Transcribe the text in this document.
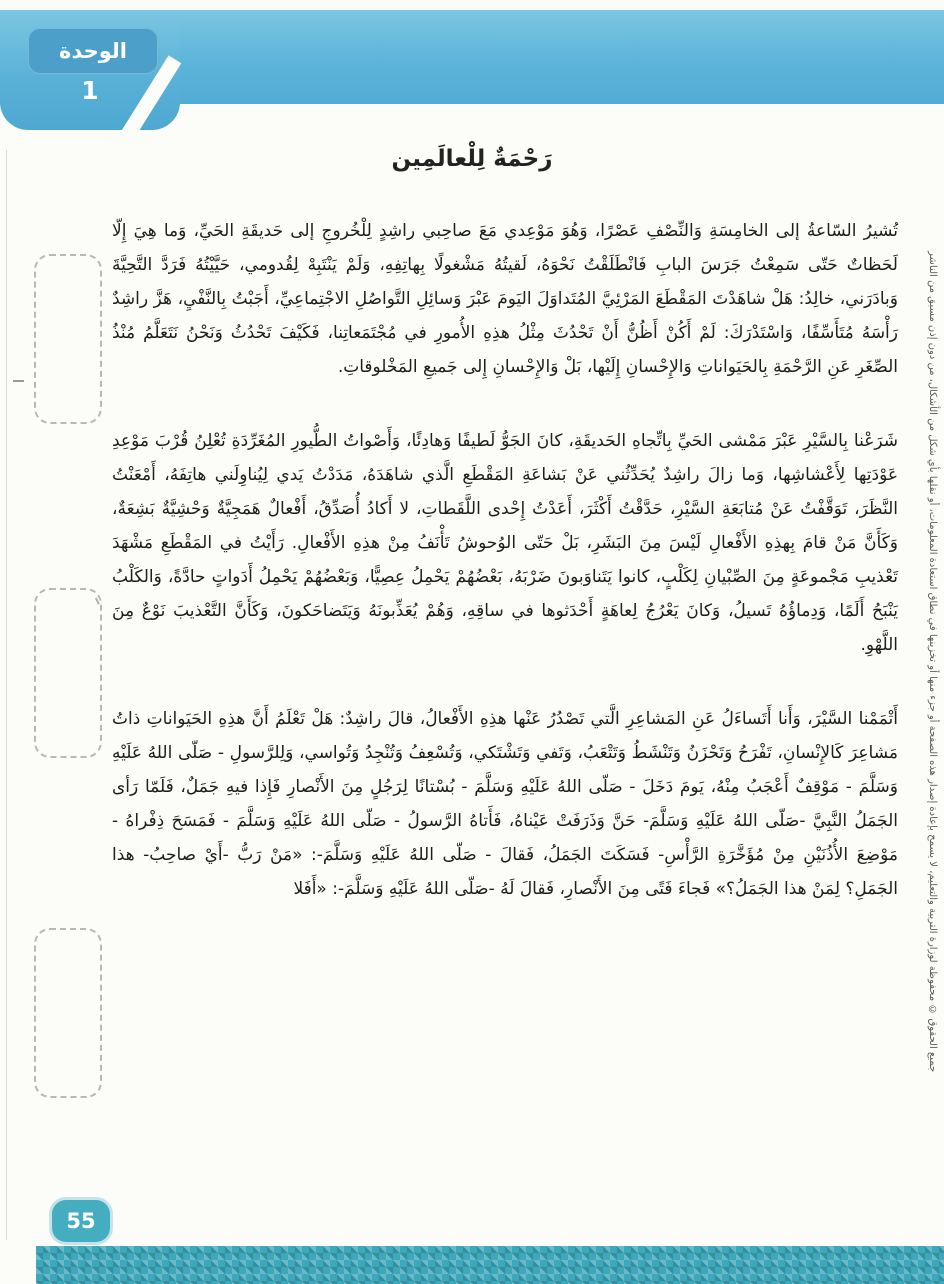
الوحدة
1
رَحْمَةٌ لِلْعالَمِين

تُشيرُ السّاعةُ إلى الخامِسَةِ وَالنِّصْفِ عَصْرًا، وَهُوَ مَوْعِدي مَعَ صاحِبي راشِدٍ لِلْخُروجِ إلى حَديقَةِ الحَيِّ، وَما هِيَ إِلّا لَحَظاتٌ حَتّى سَمِعْتُ جَرَسَ البابِ فَانْطَلَقْتُ نَحْوَهُ، لَقيتُهُ مَشْغولًا بِهاتِفِهِ، وَلَمْ يَنْتَبِهْ لِقُدومي، حَيَّيْتُهُ فَرَدَّ التَّحِيَّةَ وَبادَرَني، خالِدُ: هَلْ شاهَدْتَ المَقْطَعَ المَرْئِيَّ المُتَداوَلَ اليَومَ عَبْرَ وَسائِلِ التَّواصُلِ الاجْتِماعِيِّ، أَجَبْتُ بِالنَّفْيِ، هَزَّ راشِدٌ رَأْسَهُ مُتَأَسِّفًا، وَاسْتَدْرَكَ: لَمْ أَكُنْ أَظُنُّ أَنْ تَحْدُثَ مِثْلُ هذِهِ الأُمورِ في مُجْتَمَعاتِنا، فَكَيْفَ تَحْدُثُ وَنَحْنُ نَتَعَلَّمُ مُنْذُ الصِّغَرِ عَنِ الرَّحْمَةِ بِالحَيَواناتِ وَالإِحْسانِ إِلَيْها، بَلْ وَالإِحْسانِ إِلى جَميعِ المَخْلوقاتِ.

شَرَعْنا بِالسَّيْرِ عَبْرَ مَمْشى الحَيِّ بِاتِّجاهِ الحَديقَةِ، كانَ الجَوُّ لَطيفًا وَهادِئًا، وَأَصْواتُ الطُّيورِ المُغَرِّدَةِ تُعْلِنُ قُرْبَ مَوْعِدِ عَوْدَتِها لِأَعْشاشِها، وَما زالَ راشِدٌ يُحَدِّثُني عَنْ بَشاعَةِ المَقْطَعِ الَّذي شاهَدَهُ، مَدَدْتُ يَدي لِيُناوِلَني هاتِفَهُ، أَمْعَنْتُ النَّظَرَ، تَوَقَّفْتُ عَنْ مُتابَعَةِ السَّيْرِ، حَدَّقْتُ أَكْثَرَ، أَعَدْتُ إِحْدى اللَّقَطاتِ، لا أَكادُ أُصَدِّقُ، أَفْعالٌ هَمَجِيَّةٌ وَحْشِيَّةٌ بَشِعَةٌ، وَكَأَنَّ مَنْ قامَ بِهذِهِ الأَفْعالِ لَيْسَ مِنَ البَشَرِ، بَلْ حَتّى الوُحوشُ تَأْنَفُ مِنْ هذِهِ الأَفْعالِ. رَأَيْتُ في المَقْطَعِ مَشْهَدَ تَعْذيبِ مَجْموعَةٍ مِنَ الصِّبْيانِ لِكَلْبٍ، كانوا يَتَناوَبونَ ضَرْبَهُ، بَعْضُهُمْ يَحْمِلُ عِصِيًّا، وَبَعْضُهُمْ يَحْمِلُ أَدَواتٍ حادَّةً، وَالكَلْبُ يَنْبَحُ أَلَمًا، وَدِماؤُهُ تَسيلُ، وَكانَ يَعْرُجُ لِعاهَةٍ أَحْدَثوها في ساقِهِ، وَهُمْ يُعَذِّبونَهُ وَيَتَضاحَكونَ، وَكَأَنَّ التَّعْذيبَ نَوْعٌ مِنَ اللَّهْوِ.

أَتْمَمْنا السَّيْرَ، وَأَنا أَتَساءَلُ عَنِ المَشاعِرِ الَّتي تَصْدُرُ عَنْها هذِهِ الأَفْعالُ، قالَ راشِدٌ: هَلْ تَعْلَمُ أَنَّ هذِهِ الحَيَواناتِ ذاتُ مَشاعِرَ كَالإِنْسانِ، تَفْرَحُ وَتَحْزَنُ وَتَنْشَطُ وَتَتْعَبُ، وَتَفي وَتَشْتَكي، وَتُسْعِفُ وَتُنْجِدُ وَتُواسي، وَلِلرَّسولِ - صَلّى اللهُ عَلَيْهِ وَسَلَّمَ - مَوْقِفٌ أَعْجَبُ مِنْهُ، يَومَ دَخَلَ - صَلّى اللهُ عَلَيْهِ وَسَلَّمَ - بُسْتانًا لِرَجُلٍ مِنَ الأَنْصارِ فَإِذا فيهِ جَمَلٌ، فَلَمّا رَأى الجَمَلُ النَّبِيَّ -صَلّى اللهُ عَلَيْهِ وَسَلَّمَ- حَنَّ وَذَرَفَتْ عَيْناهُ، فَأَتاهُ الرَّسولُ - صَلّى اللهُ عَلَيْهِ وَسَلَّمَ - فَمَسَحَ ذِفْراهُ - مَوْضِعَ الأُذُنَيْنِ مِنْ مُؤَخَّرَةِ الرَّأْسِ- فَسَكَتَ الجَمَلُ، فَقالَ - صَلّى اللهُ عَلَيْهِ وَسَلَّمَ-: «مَنْ رَبُّ -أَيْ صاحِبُ- هذا الجَمَلِ؟ لِمَنْ هذا الجَمَلُ؟» فَجاءَ فَتًى مِنَ الأَنْصارِ، فَقالَ لَهُ -صَلّى اللهُ عَلَيْهِ وَسَلَّمَ-: «أَفَلا	جميع الحقوق © محفوظة لوزارة التربية والتعليم، لا يسمح بإعادة إصدار هذه الصفحة أو جزء منها أو تخزينها في نطاق استعادة المعلومات، أو نقلها بأي شكل من الأشكال، من دون إذن مسبق من الناشر
55
